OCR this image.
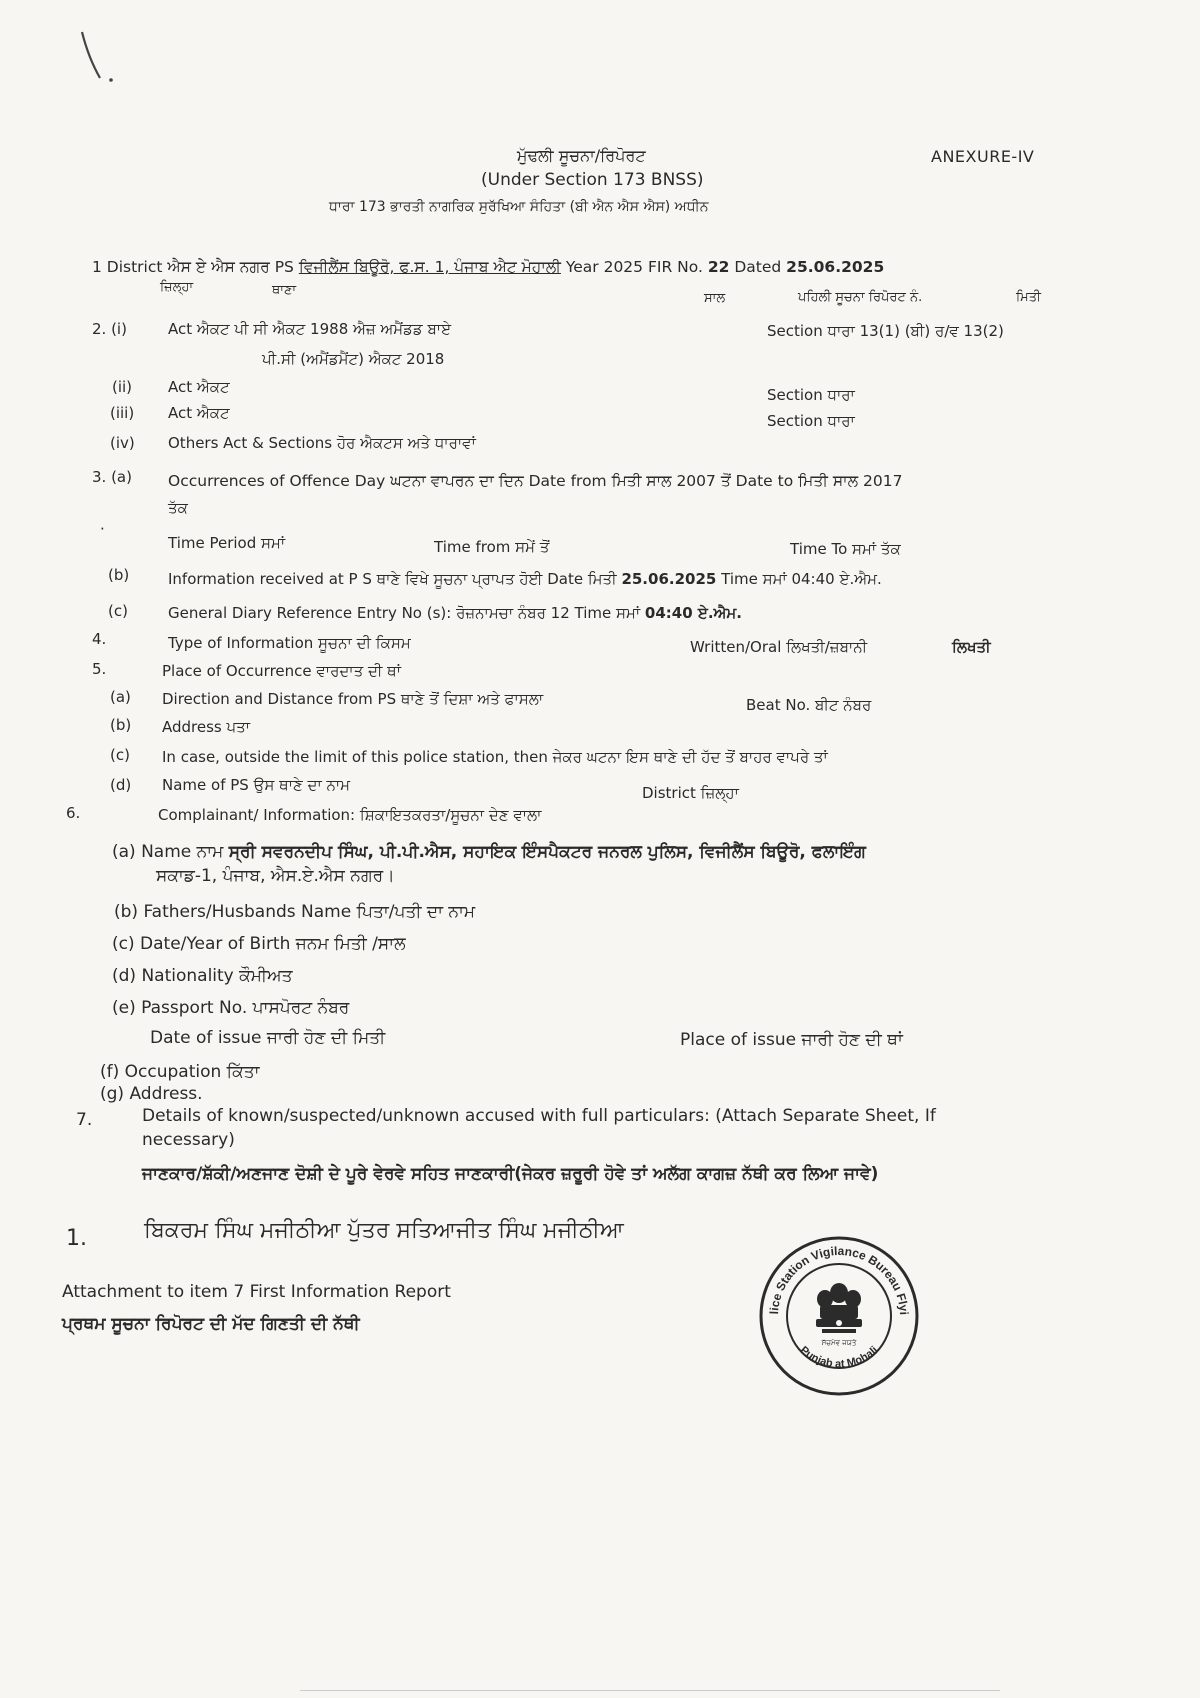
ਮੁੱਢਲੀ ਸੂਚਨਾ/ਰਿਪੋਰਟ
(Under Section 173 BNSS)
ਧਾਰਾ 173 ਭਾਰਤੀ ਨਾਗਰਿਕ ਸੁਰੱਖਿਆ ਸੰਹਿਤਾ (ਬੀ ਐਨ ਐਸ ਐਸ) ਅਧੀਨ
ANEXURE-IV
1 District ਐਸ ਏ ਐਸ ਨਗਰ PS ਵਿਜੀਲੈਂਸ ਬਿਊਰੋ, ਫ.ਸ. 1, ਪੰਜਾਬ ਐਟ ਮੋਹਾਲੀ Year 2025 FIR No. 22 Dated 25.06.2025
ਜ਼ਿਲ੍ਹਾ	ਥਾਣਾ
ਸਾਲ	ਪਹਿਲੀ ਸੂਚਨਾ ਰਿਪੋਰਟ ਨੰ.	ਮਿਤੀ
2. (i)	Act ਐਕਟ ਪੀ ਸੀ ਐਕਟ 1988 ਐਜ਼ ਅਮੈਂਡਡ ਬਾਏ	Section ਧਾਰਾ 13(1) (ਬੀ) ਰ/ਵ 13(2)
ਪੀ.ਸੀ (ਅਮੈਂਡਮੈਂਟ) ਐਕਟ 2018
(ii) Act ਐਕਟ	Section ਧਾਰਾ
(iii) Act ਐਕਟ	Section ਧਾਰਾ
(iv) Others Act & Sections ਹੋਰ ਐਕਟਸ ਅਤੇ ਧਾਰਾਵਾਂ
3. (a) Occurrences of Offence Day ਘਟਨਾ ਵਾਪਰਨ ਦਾ ਦਿਨ Date from ਮਿਤੀ ਸਾਲ 2007 ਤੋਂ Date to ਮਿਤੀ ਸਾਲ 2017
ਤੱਕ
·
Time Period ਸਮਾਂ	Time from ਸਮੇਂ ਤੋਂ	Time To ਸਮਾਂ ਤੱਕ
(b)	Information received at P S ਥਾਣੇ ਵਿਖੇ ਸੂਚਨਾ ਪ੍ਰਾਪਤ ਹੋਈ Date ਮਿਤੀ 25.06.2025 Time ਸਮਾਂ 04:40 ਏ.ਐਮ.
(c)	General Diary Reference Entry No (s): ਰੋਜ਼ਨਾਮਚਾ ਨੰਬਰ 12 Time ਸਮਾਂ 04:40 ਏ.ਐਮ.
4.	Type of Information ਸੂਚਨਾ ਦੀ ਕਿਸਮ	Written/Oral ਲਿਖਤੀ/ਜ਼ਬਾਨੀ	ਲਿਖਤੀ
5.	Place of Occurrence ਵਾਰਦਾਤ ਦੀ ਥਾਂ
(a) Direction and Distance from PS ਥਾਣੇ ਤੋਂ ਦਿਸ਼ਾ ਅਤੇ ਫਾਸਲਾ	Beat No. ਬੀਟ ਨੰਬਰ
(b) Address ਪਤਾ
(c) In case, outside the limit of this police station, then ਜੇਕਰ ਘਟਨਾ ਇਸ ਥਾਣੇ ਦੀ ਹੱਦ ਤੋਂ ਬਾਹਰ ਵਾਪਰੇ ਤਾਂ
(d) Name of PS ਉਸ ਥਾਣੇ ਦਾ ਨਾਮ	District ਜ਼ਿਲ੍ਹਾ
6.	Complainant/ Information: ਸ਼ਿਕਾਇਤਕਰਤਾ/ਸੂਚਨਾ ਦੇਣ ਵਾਲਾ
(a) Name ਨਾਮ ਸ੍ਰੀ ਸਵਰਨਦੀਪ ਸਿੰਘ, ਪੀ.ਪੀ.ਐਸ, ਸਹਾਇਕ ਇੰਸਪੈਕਟਰ ਜਨਰਲ ਪੁਲਿਸ, ਵਿਜੀਲੈਂਸ ਬਿਊਰੋ, ਫਲਾਇੰਗ
ਸਕਾਡ-1, ਪੰਜਾਬ, ਐਸ.ਏ.ਐਸ ਨਗਰ।
(b) Fathers/Husbands Name ਪਿਤਾ/ਪਤੀ ਦਾ ਨਾਮ
(c) Date/Year of Birth ਜਨਮ ਮਿਤੀ /ਸਾਲ
(d) Nationality ਕੌਮੀਅਤ
(e) Passport No. ਪਾਸਪੋਰਟ ਨੰਬਰ
Date of issue ਜਾਰੀ ਹੋਣ ਦੀ ਮਿਤੀ	Place of issue ਜਾਰੀ ਹੋਣ ਦੀ ਥਾਂ
(f) Occupation ਕਿੱਤਾ
(g) Address.
7.	Details of known/suspected/unknown accused with full particulars: (Attach Separate Sheet, If
necessary)
ਜਾਣਕਾਰ/ਸ਼ੱਕੀ/ਅਣਜਾਣ ਦੋਸ਼ੀ ਦੇ ਪੂਰੇ ਵੇਰਵੇ ਸਹਿਤ ਜਾਣਕਾਰੀ(ਜੇਕਰ ਜ਼ਰੂਰੀ ਹੋਵੇ ਤਾਂ ਅਲੱਗ ਕਾਗਜ਼ ਨੱਥੀ ਕਰ ਲਿਆ ਜਾਵੇ)
1.	ਬਿਕਰਮ ਸਿੰਘ ਮਜੀਠੀਆ ਪੁੱਤਰ ਸਤਿਆਜੀਤ ਸਿੰਘ ਮਜੀਠੀਆ
Attachment to item 7 First Information Report
ਪ੍ਰਥਮ ਸੂਚਨਾ ਰਿਪੋਰਟ ਦੀ ਮੱਦ ਗਿਣਤੀ ਦੀ ਨੱਥੀ
lice Station Vigilance Bureau Flyi
Punjab at Mohali
ਸੱਚਮੇਵ ਜਯਤੇ
